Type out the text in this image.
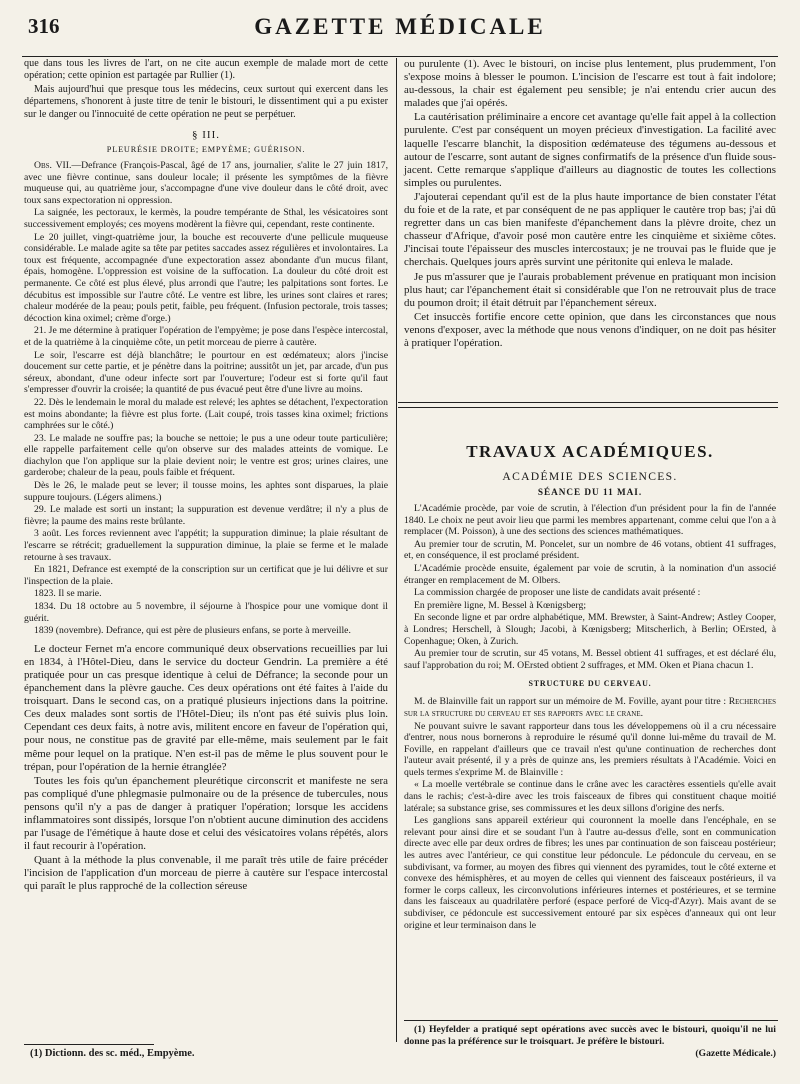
316	GAZETTE MÉDICALE

que dans tous les livres de l'art, on ne cite aucun exemple de malade mort de cette opération; cette opinion est partagée par Rullier (1).

Mais aujourd'hui que presque tous les médecins, ceux surtout qui exercent dans les départemens, s'honorent à juste titre de tenir le bistouri, le dissentiment qui a pu exister sur le danger ou l'innocuité de cette opération ne peut se perpétuer.

§ III.
PLEURÉSIE DROITE; EMPYÈME; GUÉRISON.

Obs. VII.—Defrance (François-Pascal, âgé de 17 ans, journalier, s'alite le 27 juin 1817, avec une fièvre continue, sans douleur locale; il présente les symptômes de la fièvre muqueuse qui, au quatrième jour, s'accompagne d'une vive douleur dans le côté droit, avec toux sans expectoration ni oppression.

La saignée, les pectoraux, le kermès, la poudre tempérante de Sthal, les vésicatoires sont successivement employés; ces moyens modèrent la fièvre qui, cependant, reste continente.

Le 20 juillet, vingt-quatrième jour, la bouche est recouverte d'une pellicule muqueuse considérable. Le malade agite sa tête par petites saccades assez régulières et involontaires. La toux est fréquente, accompagnée d'une expectoration assez abondante d'un mucus filant, épais, homogène. L'oppression est voisine de la suffocation. La douleur du côté droit est permanente. Ce côté est plus élevé, plus arrondi que l'autre; les palpitations sont fortes. Le décubitus est impossible sur l'autre côté. Le ventre est libre, les urines sont claires et rares; chaleur modérée de la peau; pouls petit, faible, peu fréquent. (Infusion pectorale, trois tasses; décoction kina oximel; crème d'orge.)

21. Je me détermine à pratiquer l'opération de l'empyème; je pose dans l'espèce intercostal, et de la quatrième à la cinquième côte, un petit morceau de pierre à cautère.

Le soir, l'escarre est déjà blanchâtre; le pourtour en est œdémateux; alors j'incise doucement sur cette partie, et je pénètre dans la poitrine; aussitôt un jet, par arcade, d'un pus séreux, abondant, d'une odeur infecte sort par l'ouverture; l'odeur est si forte qu'il faut s'empresser d'ouvrir la croisée; la quantité de pus évacué peut être d'une livre au moins.

22. Dès le lendemain le moral du malade est relevé; les aphtes se détachent, l'expectoration est moins abondante; la fièvre est plus forte. (Lait coupé, trois tasses kina oximel; frictions camphrées sur le côté.)

23. Le malade ne souffre pas; la bouche se nettoie; le pus a une odeur toute particulière; elle rappelle parfaitement celle qu'on observe sur des malades atteints de vomique. Le diachylon que l'on applique sur la plaie devient noir; le ventre est gros; urines claires, une garderobe; chaleur de la peau, pouls faible et fréquent.

Dès le 26, le malade peut se lever; il tousse moins, les aphtes sont disparues, la plaie suppure toujours. (Légers alimens.)

29. Le malade est sorti un instant; la suppuration est devenue verdâtre; il n'y a plus de fièvre; la paume des mains reste brûlante.

3 août. Les forces reviennent avec l'appétit; la suppuration diminue; la plaie résultant de l'escarre se rétrécit; graduellement la suppuration diminue, la plaie se ferme et le malade retourne à ses travaux.

En 1821, Defrance est exempté de la conscription sur un certificat que je lui délivre et sur l'inspection de la plaie.

1823. Il se marie.

1834. Du 18 octobre au 5 novembre, il séjourne à l'hospice pour une vomique dont il guérit.

1839 (novembre). Defrance, qui est père de plusieurs enfans, se porte à merveille.

Le docteur Fernet m'a encore communiqué deux observations recueillies par lui en 1834, à l'Hôtel-Dieu, dans le service du docteur Gendrin. La première a été pratiquée pour un cas presque identique à celui de Défrance; la seconde pour un épanchement dans la plèvre gauche. Ces deux opérations ont été faites à l'aide du troisquart. Dans le second cas, on a pratiqué plusieurs injections dans la poitrine. Ces deux malades sont sortis de l'Hôtel-Dieu; ils n'ont pas été suivis plus loin. Cependant ces deux faits, à notre avis, militent encore en faveur de l'opération qui, pour nous, ne constitue pas de gravité par elle-même, mais seulement par le fait même pour lequel on la pratique. N'en est-il pas de même le plus souvent pour le trépan, pour l'opération de la hernie étranglée?

Toutes les fois qu'un épanchement pleurétique circonscrit et manifeste ne sera pas compliqué d'une phlegmasie pulmonaire ou de la présence de tubercules, nous pensons qu'il n'y a pas de danger à pratiquer l'opération; lorsque les accidens inflammatoires sont dissipés, lorsque l'on n'obtient aucune diminution des accidens par l'usage de l'émétique à haute dose et celui des vésicatoires volans répétés, alors il faut recourir à l'opération.

Quant à la méthode la plus convenable, il me paraît très utile de faire précéder l'incision de l'application d'un morceau de pierre à cautère sur l'espace intercostal qui paraît le plus rapproché de la collection séreuse

ou purulente (1). Avec le bistouri, on incise plus lentement, plus prudemment, l'on s'expose moins à blesser le poumon. L'incision de l'escarre est tout à fait indolore; au-dessous, la chair est également peu sensible; je n'ai entendu crier aucun des malades que j'ai opérés.

La cautérisation préliminaire a encore cet avantage qu'elle fait appel à la collection purulente. C'est par conséquent un moyen précieux d'investigation. La facilité avec laquelle l'escarre blanchit, la disposition œdémateuse des tégumens au-dessous et autour de l'escarre, sont autant de signes confirmatifs de la présence d'un fluide sous-jacent. Cette remarque s'applique d'ailleurs au diagnostic de toutes les collections simples ou purulentes.

J'ajouterai cependant qu'il est de la plus haute importance de bien constater l'état du foie et de la rate, et par conséquent de ne pas appliquer le cautère trop bas; j'ai dû regretter dans un cas bien manifeste d'épanchement dans la plèvre droite, chez un chasseur d'Afrique, d'avoir posé mon cautère entre les cinquième et sixième côtes. J'incisai toute l'épaisseur des muscles intercostaux; je ne trouvai pas le fluide que je cherchais. Quelques jours après survint une péritonite qui enleva le malade.

Je pus m'assurer que je l'aurais probablement prévenue en pratiquant mon incision plus haut; car l'épanchement était si considérable que l'on ne retrouvait plus de trace du poumon droit; il était détruit par l'épanchement séreux.

Cet insuccès fortifie encore cette opinion, que dans les circonstances que nous venons d'exposer, avec la méthode que nous venons d'indiquer, on ne doit pas hésiter à pratiquer l'opération.

TRAVAUX ACADÉMIQUES.
ACADÉMIE DES SCIENCES.
SÉANCE DU 11 MAI.

L'Académie procède, par voie de scrutin, à l'élection d'un président pour la fin de l'année 1840. Le choix ne peut avoir lieu que parmi les membres appartenant, comme celui que l'on a à remplacer (M. Poisson), à une des sections des sciences mathématiques.

Au premier tour de scrutin, M. Poncelet, sur un nombre de 46 votans, obtient 41 suffrages, et, en conséquence, il est proclamé président.

L'Académie procède ensuite, également par voie de scrutin, à la nomination d'un associé étranger en remplacement de M. Olbers.

La commission chargée de proposer une liste de candidats avait présenté :

En première ligne, M. Bessel à Kœnigsberg;

En seconde ligne et par ordre alphabétique, MM. Brewster, à Saint-Andrew; Astley Cooper, à Londres; Herschell, à Slough; Jacobi, à Kœnigsberg; Mitscherlich, à Berlin; OErsted, à Copenhague; Oken, à Zurich.

Au premier tour de scrutin, sur 45 votans, M. Bessel obtient 41 suffrages, et est déclaré élu, sauf l'approbation du roi; M. OErsted obtient 2 suffrages, et MM. Oken et Piana chacun 1.

STRUCTURE DU CERVEAU.

M. de Blainville fait un rapport sur un mémoire de M. Foville, ayant pour titre : Recherches sur la structure du cerveau et ses rapports avec le crane.

Ne pouvant suivre le savant rapporteur dans tous les développemens où il a cru nécessaire d'entrer, nous nous bornerons à reproduire le résumé qu'il donne lui-même du travail de M. Foville, en rappelant d'ailleurs que ce travail n'est qu'une continuation de recherches dont l'auteur avait présenté, il y a près de quinze ans, les premiers résultats à l'Académie. Voici en quels termes s'exprime M. de Blainville :

« La moelle vertébrale se continue dans le crâne avec les caractères essentiels qu'elle avait dans le rachis; c'est-à-dire avec les trois faisceaux de fibres qui constituent chaque moitié latérale; sa substance grise, ses commissures et les deux sillons d'origine des nerfs.

Les ganglions sans appareil extérieur qui couronnent la moelle dans l'encéphale, en se relevant pour ainsi dire et se soudant l'un à l'autre au-dessus d'elle, sont en communication directe avec elle par deux ordres de fibres; les unes par continuation de son faisceau postérieur; les autres avec l'antérieur, ce qui constitue leur pédoncule. Le pédoncule du cerveau, en se subdivisant, va former, au moyen des fibres qui viennent des pyramides, tout le côté externe et convexe des hémisphères, et au moyen de celles qui viennent des faisceaux postérieurs, il va former le corps calleux, les circonvolutions inférieures internes et postérieures, et se termine dans les faisceaux au quadrilatère perforé (espace perforé de Vicq-d'Azyr). Mais avant de se subdiviser, ce pédoncule est successivement entouré par six espèces d'anneaux qui ont leur origine et leur terminaison dans le

(1) Dictionn. des sc. méd., Empyème.
(1) Heyfelder a pratiqué sept opérations avec succès avec le bistouri, quoiqu'il ne lui donne pas la préférence sur le troisquart. Je préfère le bistouri.
(Gazette Médicale.)
